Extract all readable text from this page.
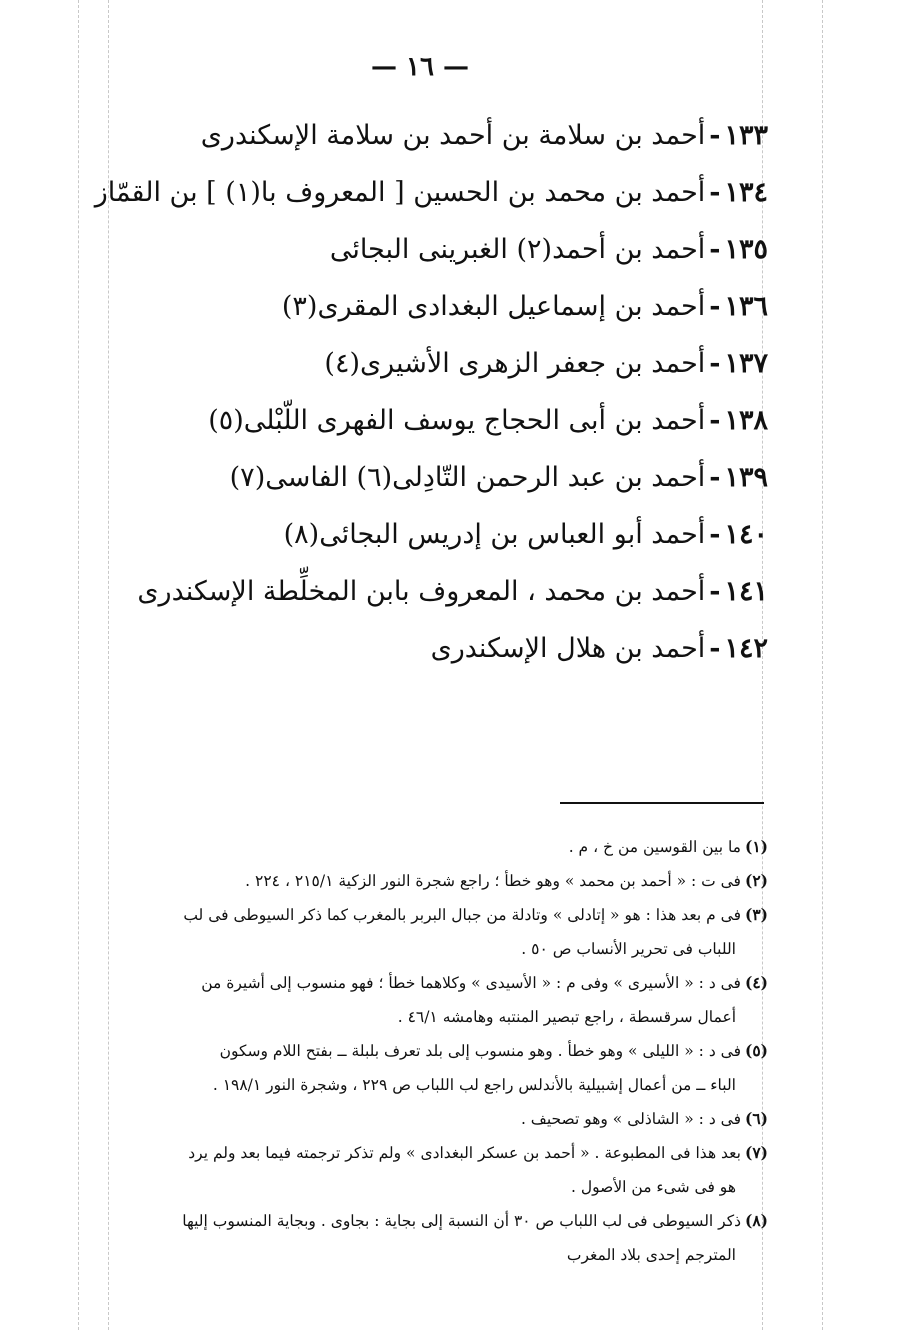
— ١٦ —
١٣٣-أحمد بن سلامة بن أحمد بن سلامة الإسكندرى
١٣٤-أحمد بن محمد بن الحسين [ المعروف با(١) ] بن القمّاز
١٣٥-أحمد بن أحمد(٢) الغبرينى البجائى
١٣٦-أحمد بن إسماعيل البغدادى المقرى(٣)
١٣٧-أحمد بن جعفر الزهرى الأشيرى(٤)
١٣٨-أحمد بن أبى الحجاج يوسف الفهرى اللّبْلى(٥)
١٣٩-أحمد بن عبد الرحمن التّادِلى(٦) الفاسى(٧)
١٤٠-أحمد أبو العباس بن إدريس البجائى(٨)
١٤١-أحمد بن محمد ، المعروف بابن المخلِّطة الإسكندرى
١٤٢-أحمد بن هلال الإسكندرى
(١)ما بين القوسين من خ ، م .
(٢)فى ت : « أحمد بن محمد » وهو خطأ ؛ راجع شجرة النور الزكية ٢١٥/١ ، ٢٢٤ .
(٣)فى م بعد هذا : هو « إتادلى » وتادلة من جبال البربر بالمغرب كما ذكر السيوطى فى لب
اللباب فى تحرير الأنساب ص ٥٠ .
(٤)فى د : « الأسيرى » وفى م : « الأسيدى » وكلاهما خطأ ؛ فهو منسوب إلى أشيرة من
أعمال سرقسطة ، راجع تبصير المنتبه وهامشه ٤٦/١ .
(٥)فى د : « الليلى » وهو خطأ . وهو منسوب إلى بلد تعرف بلبلة ــ بفتح اللام وسكون
الباء ــ من أعمال إشبيلية بالأندلس راجع لب اللباب ص ٢٢٩ ، وشجرة النور ١٩٨/١ .
(٦)فى د : « الشاذلى » وهو تصحيف .
(٧)بعد هذا فى المطبوعة . « أحمد بن عسكر البغدادى » ولم تذكر ترجمته فيما بعد ولم يرد
هو فى شىء من الأصول .
(٨)ذكر السيوطى فى لب اللباب ص ٣٠ أن النسبة إلى بجاية : بجاوى . وبجاية المنسوب إليها
المترجم إحدى بلاد المغرب
